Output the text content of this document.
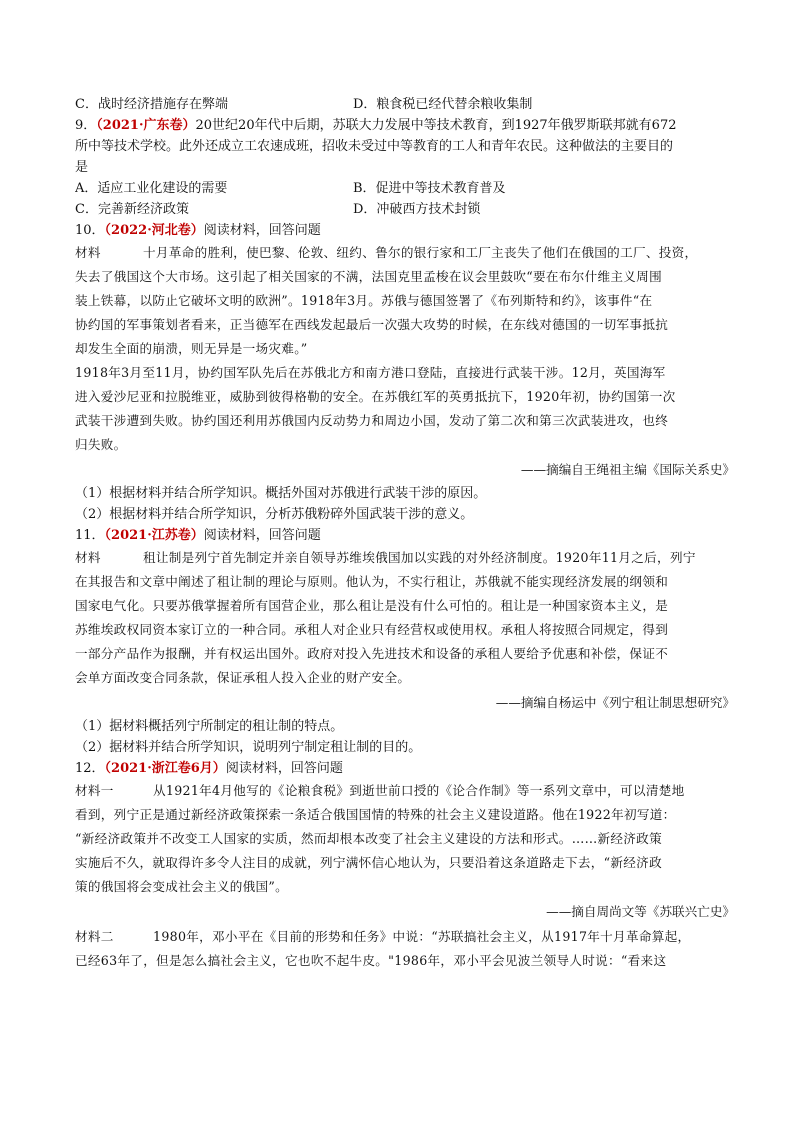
C．战时经济措施存在弊端	D．粮食税已经代替余粮收集制
9．（2021·广东卷）20世纪20年代中后期，苏联大力发展中等技术教育，到1927年俄罗斯联邦就有672
所中等技术学校。此外还成立工农速成班，招收未受过中等教育的工人和青年农民。这种做法的主要目的
是
A．适应工业化建设的需要	B．促进中等技术教育普及
C．完善新经济政策	D．冲破西方技术封锁
10．（2022·河北卷）阅读材料，回答问题
材料	十月革命的胜利，使巴黎、伦敦、纽约、鲁尔的银行家和工厂主丧失了他们在俄国的工厂、投资，
失去了俄国这个大市场。这引起了相关国家的不满，法国克里孟梭在议会里鼓吹“要在布尔什维主义周围
装上铁幕，以防止它破坏文明的欧洲”。1918年3月。苏俄与德国签署了《布列斯特和约》，该事件“在
协约国的军事策划者看来，正当德军在西线发起最后一次强大攻势的时候，在东线对德国的一切军事抵抗
却发生全面的崩溃，则无异是一场灾难。”
1918年3月至11月，协约国军队先后在苏俄北方和南方港口登陆，直接进行武装干涉。12月，英国海军
进入爱沙尼亚和拉脱维亚，威胁到彼得格勒的安全。在苏俄红军的英勇抵抗下，1920年初，协约国第一次
武装干涉遭到失败。协约国还利用苏俄国内反动势力和周边小国，发动了第二次和第三次武装进攻，也终
归失败。
——摘编自王绳祖主编《国际关系史》
（1）根据材料并结合所学知识。概括外国对苏俄进行武装干涉的原因。
（2）根据材料并结合所学知识，分析苏俄粉碎外国武装干涉的意义。
11．（2021·江苏卷）阅读材料，回答问题
材料	租让制是列宁首先制定并亲自领导苏维埃俄国加以实践的对外经济制度。1920年11月之后，列宁
在其报告和文章中阐述了租让制的理论与原则。他认为，不实行租让，苏俄就不能实现经济发展的纲领和
国家电气化。只要苏俄掌握着所有国营企业，那么租让是没有什么可怕的。租让是一种国家资本主义，是
苏维埃政权同资本家订立的一种合同。承租人对企业只有经营权或使用权。承租人将按照合同规定，得到
一部分产品作为报酬，并有权运出国外。政府对投入先进技术和设备的承租人要给予优惠和补偿，保证不
会单方面改变合同条款，保证承租人投入企业的财产安全。
——摘编自杨运中《列宁租让制思想研究》
（1）据材料概括列宁所制定的租让制的特点。
（2）据材料并结合所学知识，说明列宁制定租让制的目的。
12．（2021·浙江卷6月）阅读材料，回答问题
材料一	从1921年4月他写的《论粮食税》到逝世前口授的《论合作制》等一系列文章中，可以清楚地
看到，列宁正是通过新经济政策探索一条适合俄国国情的特殊的社会主义建设道路。他在1922年初写道：
“新经济政策并不改变工人国家的实质，然而却根本改变了社会主义建设的方法和形式。……新经济政策
实施后不久，就取得许多令人注目的成就，列宁满怀信心地认为，只要沿着这条道路走下去，“新经济政
策的俄国将会变成社会主义的俄国”。
——摘自周尚文等《苏联兴亡史》
材料二	1980年，邓小平在《目前的形势和任务》中说：“苏联搞社会主义，从1917年十月革命算起，
已经63年了，但是怎么搞社会主义，它也吹不起牛皮。"1986年，邓小平会见波兰领导人时说：“看来这
